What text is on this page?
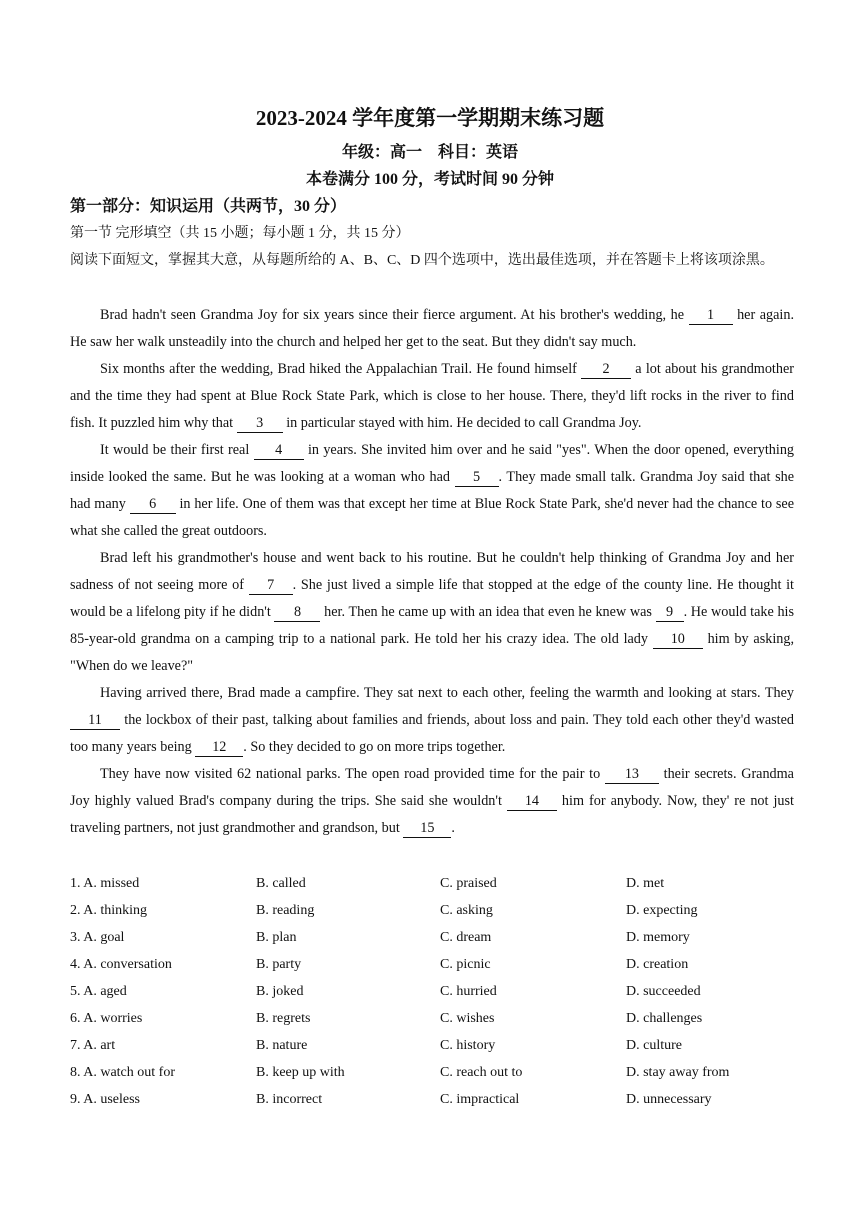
2023-2024 学年度第一学期期末练习题
年级：高一　科目：英语
本卷满分 100 分，考试时间 90 分钟
第一部分：知识运用（共两节，30 分）
第一节 完形填空（共 15 小题；每小题 1 分，共 15 分）
阅读下面短文，掌握其大意，从每题所给的 A、B、C、D 四个选项中，选出最佳选项，并在答题卡上将该项涂黑。

Brad hadn't seen Grandma Joy for six years since their fierce argument. At his brother's wedding, he 1 her again. He saw her walk unsteadily into the church and helped her get to the seat. But they didn't say much.

Six months after the wedding, Brad hiked the Appalachian Trail. He found himself 2 a lot about his grandmother and the time they had spent at Blue Rock State Park, which is close to her house. There, they'd lift rocks in the river to find fish. It puzzled him why that 3 in particular stayed with him. He decided to call Grandma Joy.

It would be their first real 4 in years. She invited him over and he said "yes". When the door opened, everything inside looked the same. But he was looking at a woman who had 5 . They made small talk. Grandma Joy said that she had many 6 in her life. One of them was that except her time at Blue Rock State Park, she'd never had the chance to see what she called the great outdoors.

Brad left his grandmother's house and went back to his routine. But he couldn't help thinking of Grandma Joy and her sadness of not seeing more of 7 . She just lived a simple life that stopped at the edge of the county line. He thought it would be a lifelong pity if he didn't 8 her. Then he came up with an idea that even he knew was 9 . He would take his 85-year-old grandma on a camping trip to a national park. He told her his crazy idea. The old lady 10 him by asking, "When do we leave?"

Having arrived there, Brad made a campfire. They sat next to each other, feeling the warmth and looking at stars. They 11 the lockbox of their past, talking about families and friends, about loss and pain. They told each other they'd wasted too many years being 12 . So they decided to go on more trips together.

They have now visited 62 national parks. The open road provided time for the pair to 13 their secrets. Grandma Joy highly valued Brad's company during the trips. She said she wouldn't 14 him for anybody. Now, they' re not just traveling partners, not just grandmother and grandson, but 15 .

1. A. missed	B. called	C. praised	D. met
2. A. thinking	B. reading	C. asking	D. expecting
3. A. goal	B. plan	C. dream	D. memory
4. A. conversation	B. party	C. picnic	D. creation
5. A. aged	B. joked	C. hurried	D. succeeded
6. A. worries	B. regrets	C. wishes	D. challenges
7. A. art	B. nature	C. history	D. culture
8. A. watch out for	B. keep up with	C. reach out to	D. stay away from
9. A. useless	B. incorrect	C. impractical	D. unnecessary
